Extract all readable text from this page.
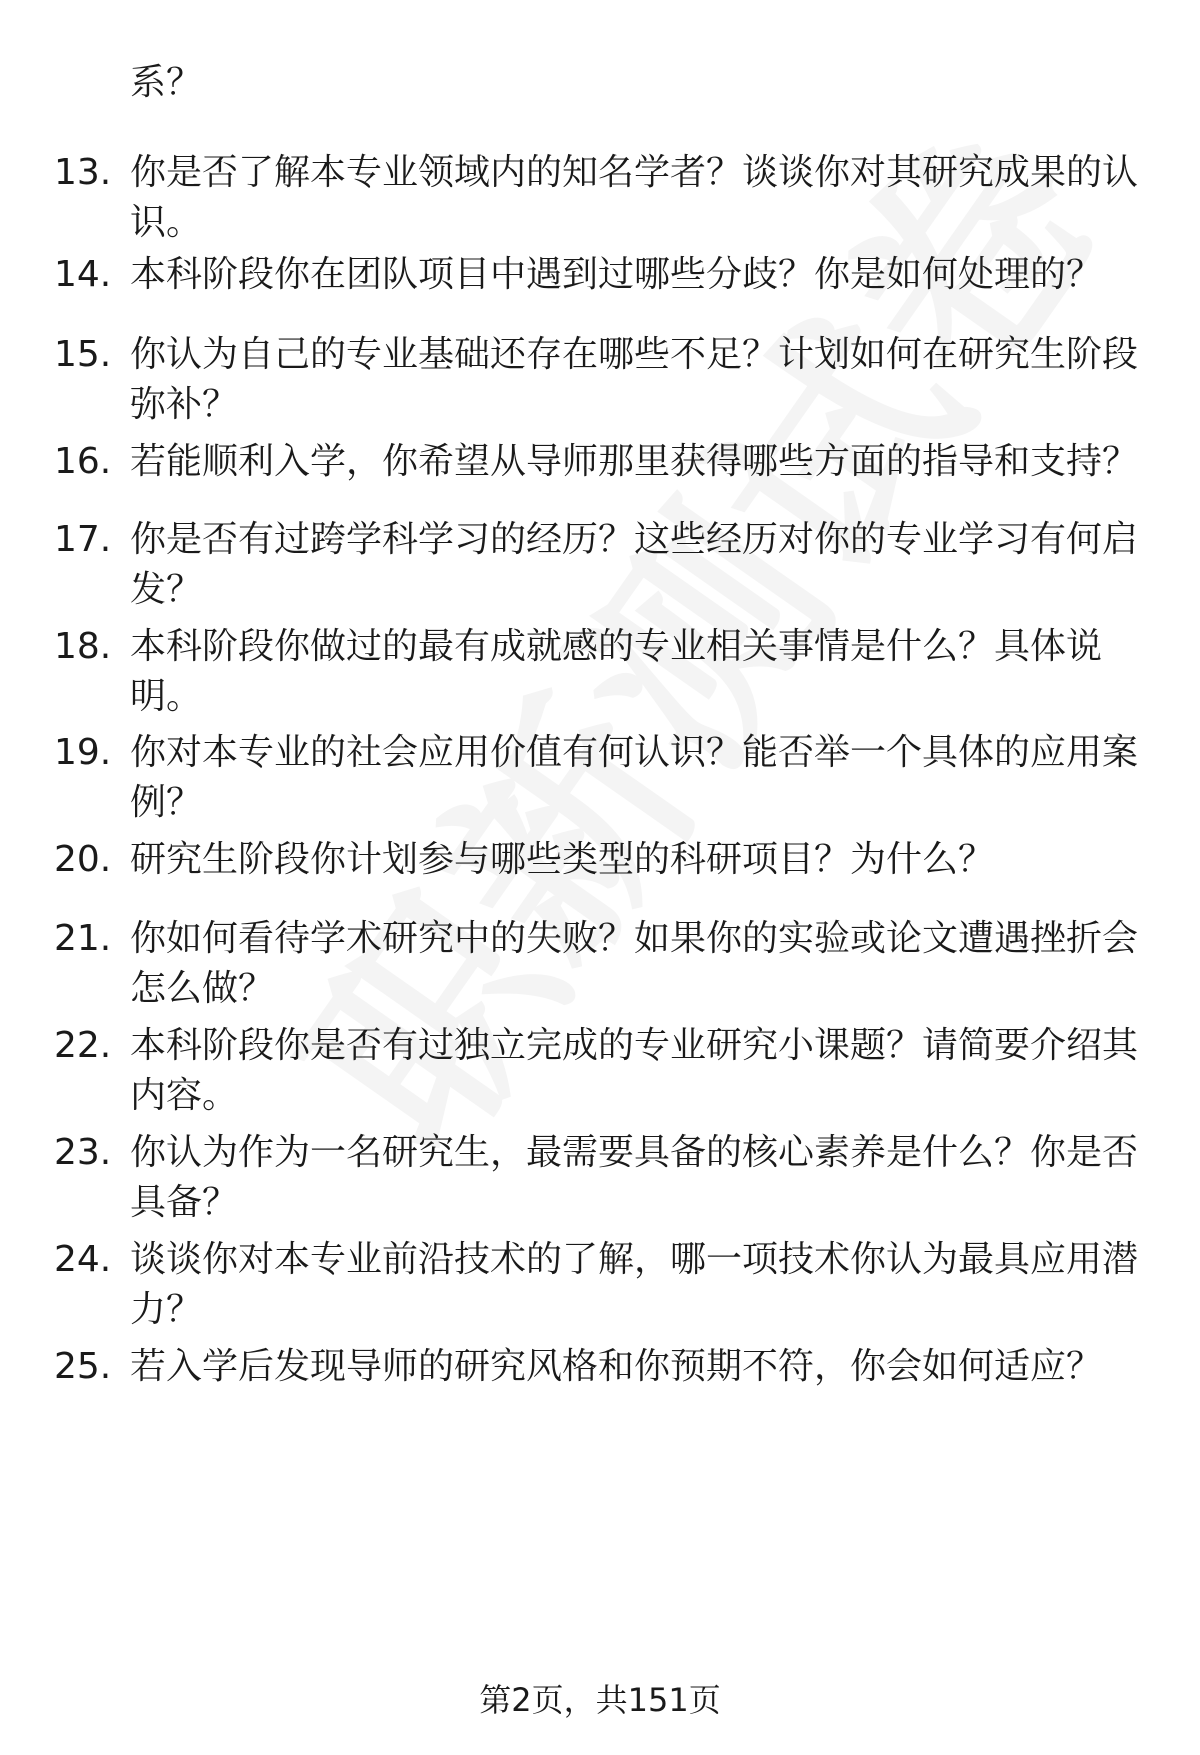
系？
13. 你是否了解本专业领域内的知名学者？谈谈你对其研究成果的认识。
14. 本科阶段你在团队项目中遇到过哪些分歧？你是如何处理的？
15. 你认为自己的专业基础还存在哪些不足？计划如何在研究生阶段弥补？
16. 若能顺利入学，你希望从导师那里获得哪些方面的指导和支持？
17. 你是否有过跨学科学习的经历？这些经历对你的专业学习有何启发？
18. 本科阶段你做过的最有成就感的专业相关事情是什么？具体说明。
19. 你对本专业的社会应用价值有何认识？能否举一个具体的应用案例？
20. 研究生阶段你计划参与哪些类型的科研项目？为什么？
21. 你如何看待学术研究中的失败？如果你的实验或论文遭遇挫折会怎么做？
22. 本科阶段你是否有过独立完成的专业研究小课题？请简要介绍其内容。
23. 你认为作为一名研究生，最需要具备的核心素养是什么？你是否具备？
24. 谈谈你对本专业前沿技术的了解，哪一项技术你认为最具应用潜力？
25. 若入学后发现导师的研究风格和你预期不符，你会如何适应？
第2页，共151页
